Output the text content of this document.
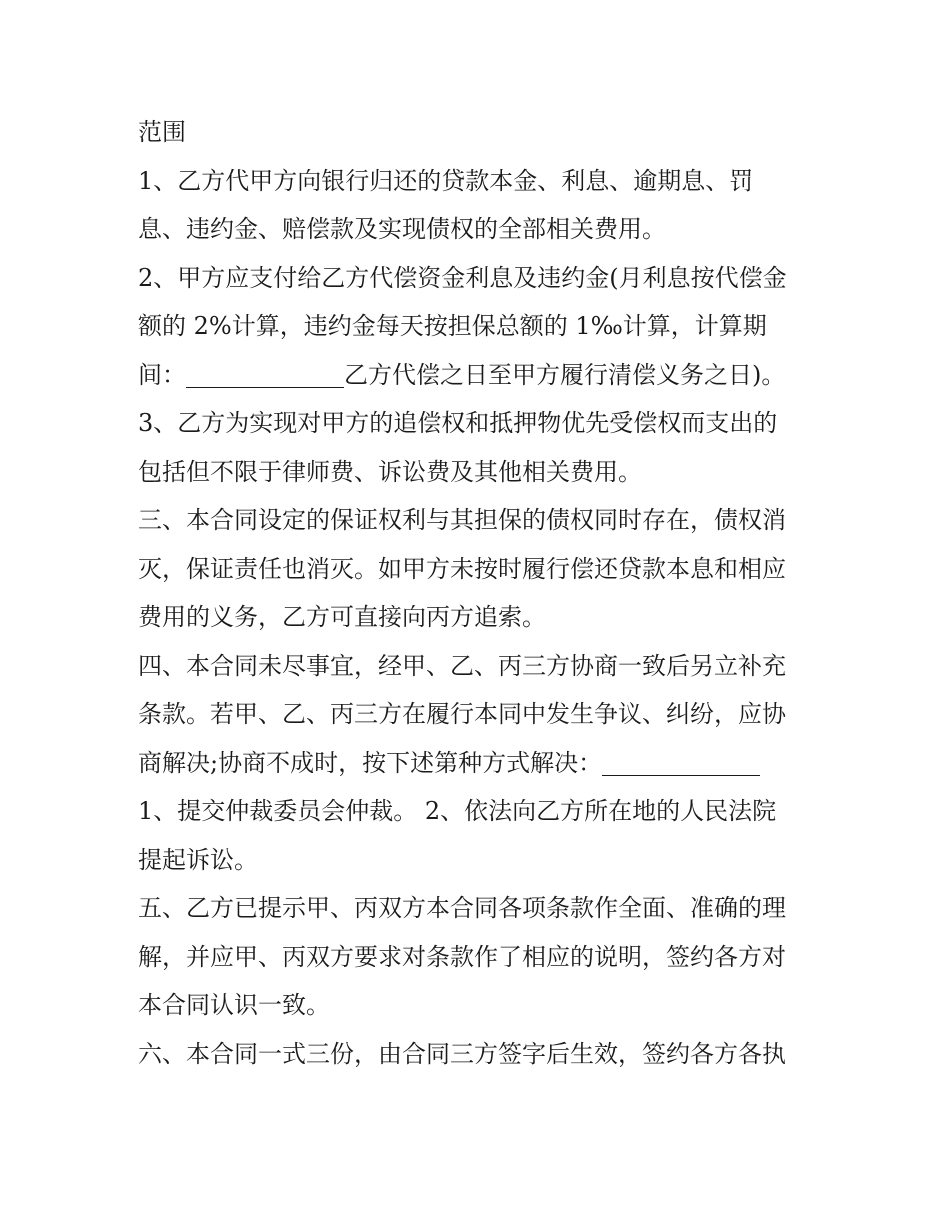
范围
1、乙方代甲方向银行归还的贷款本金、利息、逾期息、罚
息、违约金、赔偿款及实现债权的全部相关费用。
2、甲方应支付给乙方代偿资金利息及违约金(月利息按代偿金
额的 2%计算，违约金每天按担保总额的 1‰计算，计算期
间：	乙方代偿之日至甲方履行清偿义务之日)。
3、乙方为实现对甲方的追偿权和抵押物优先受偿权而支出的
包括但不限于律师费、诉讼费及其他相关费用。
三、本合同设定的保证权利与其担保的债权同时存在，债权消
灭，保证责任也消灭。如甲方未按时履行偿还贷款本息和相应
费用的义务，乙方可直接向丙方追索。
四、本合同未尽事宜，经甲、乙、丙三方协商一致后另立补充
条款。若甲、乙、丙三方在履行本同中发生争议、纠纷，应协
商解决;协商不成时，按下述第种方式解决：
1、提交仲裁委员会仲裁。 2、依法向乙方所在地的人民法院
提起诉讼。
五、乙方已提示甲、丙双方本合同各项条款作全面、准确的理
解，并应甲、丙双方要求对条款作了相应的说明，签约各方对
本合同认识一致。
六、本合同一式三份，由合同三方签字后生效，签约各方各执
